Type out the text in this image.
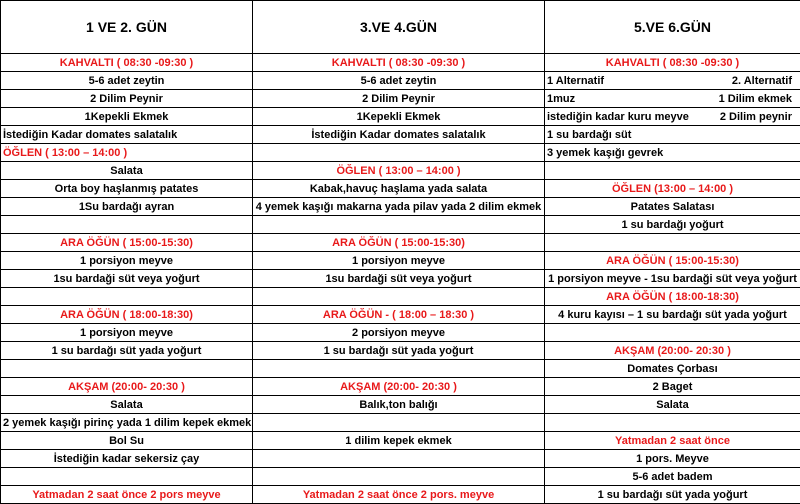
1 VE 2. GÜN	3.VE 4.GÜN	5.VE 6.GÜN
KAHVALTI ( 08:30 -09:30 )	KAHVALTI ( 08:30 -09:30 )	KAHVALTI ( 08:30 -09:30 )
5-6 adet zeytin	5-6 adet zeytin	1 Alternatif 2. Alternatif

2 Dilim Peynir	2 Dilim Peynir	1muz 1 Dilim ekmek

1Kepekli Ekmek	1Kepekli Ekmek	istediğin kadar kuru meyve 2 Dilim peynir

İstediğin Kadar domates salatalık	İstediğin Kadar domates salatalık	1 su bardağı süt
ÖĞLEN ( 13:00 – 14:00 )		3 yemek kaşığı gevrek
Salata	ÖĞLEN ( 13:00 – 14:00 )	
Orta boy haşlanmış patates	Kabak,havuç haşlama yada salata	ÖĞLEN (13:00 – 14:00 )
1Su bardağı ayran	4 yemek kaşığı makarna yada pilav yada 2 dilim ekmek	Patates Salatası
		1 su bardağı yoğurt
ARA ÖĞÜN ( 15:00-15:30)	ARA ÖĞÜN ( 15:00-15:30)	
1 porsiyon meyve	1 porsiyon meyve	ARA ÖĞÜN ( 15:00-15:30)
1su bardaği süt veya yoğurt	1su bardaği süt veya yoğurt	1 porsiyon meyve - 1su bardaği süt veya yoğurt
		ARA ÖĞÜN ( 18:00-18:30)
ARA ÖĞÜN ( 18:00-18:30)	ARA ÖĞÜN - ( 18:00 – 18:30 )	4 kuru kayısı – 1 su bardağı süt yada yoğurt
1 porsiyon meyve	2 porsiyon meyve	
1 su bardağı süt yada yoğurt	1 su bardağı süt yada yoğurt	AKŞAM (20:00- 20:30 )
		Domates Çorbası
AKŞAM (20:00- 20:30 )	AKŞAM (20:00- 20:30 )	2 Baget
Salata	Balık,ton balığı	Salata
2 yemek kaşığı pirinç yada 1 dilim kepek ekmek		
Bol Su	1 dilim kepek ekmek	Yatmadan 2 saat önce
İstediğin kadar sekersiz çay		1 pors. Meyve
		5-6 adet badem
Yatmadan 2 saat önce 2 pors meyve	Yatmadan 2 saat önce 2 pors. meyve	1 su bardağı süt yada yoğurt
